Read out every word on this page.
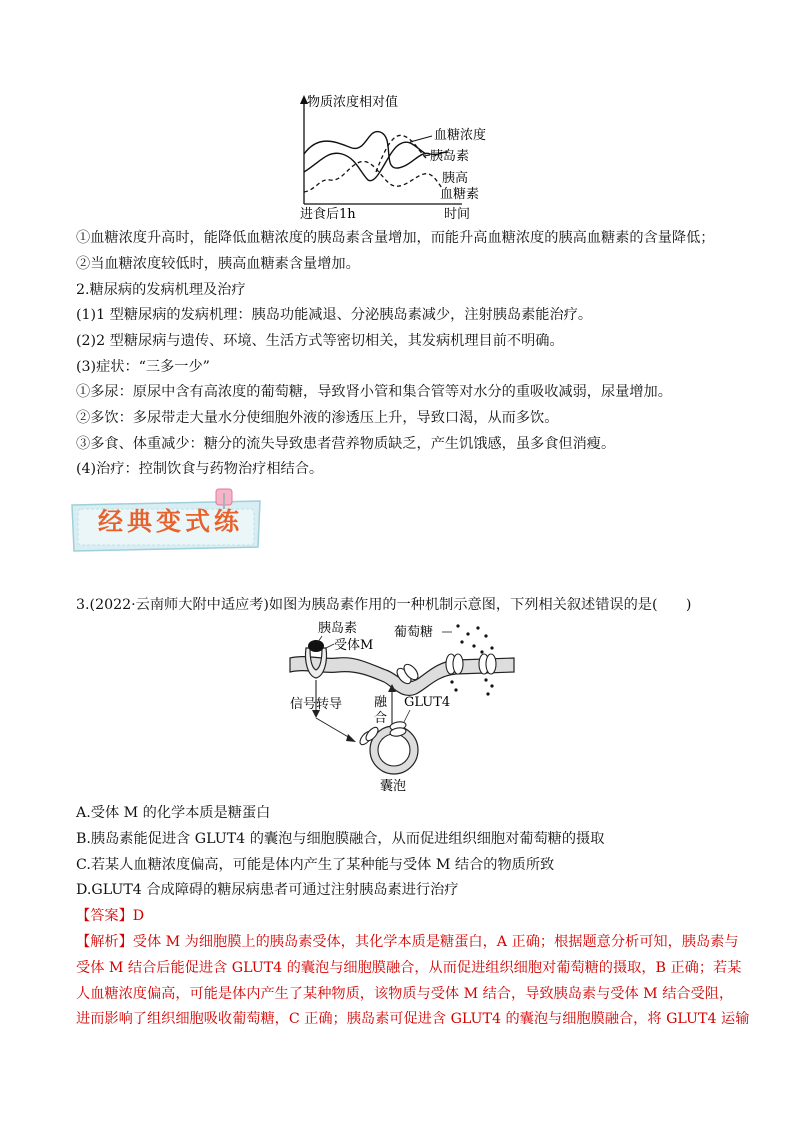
物质浓度相对值
进食后1h	时间
血糖浓度
胰岛素
胰高
血糖素
①血糖浓度升高时，能降低血糖浓度的胰岛素含量增加，而能升高血糖浓度的胰高血糖素的含量降低；
②当血糖浓度较低时，胰高血糖素含量增加。
2.糖尿病的发病机理及治疗
(1)1 型糖尿病的发病机理：胰岛功能减退、分泌胰岛素减少，注射胰岛素能治疗。
(2)2 型糖尿病与遗传、环境、生活方式等密切相关，其发病机理目前不明确。
(3)症状：“三多一少”
①多尿：原尿中含有高浓度的葡萄糖，导致肾小管和集合管等对水分的重吸收减弱，尿量增加。
②多饮：多尿带走大量水分使细胞外液的渗透压上升，导致口渴，从而多饮。
③多食、体重减少：糖分的流失导致患者营养物质缺乏，产生饥饿感，虽多食但消瘦。
(4)治疗：控制饮食与药物治疗相结合。
经典变式练
3.(2022·云南师大附中适应考)如图为胰岛素作用的一种机制示意图，下列相关叙述错误的是(　　)
胰岛素
受体M
葡萄糖
信号转导 融
合
GLUT4
囊泡
A.受体 M 的化学本质是糖蛋白
B.胰岛素能促进含 GLUT4 的囊泡与细胞膜融合，从而促进组织细胞对葡萄糖的摄取
C.若某人血糖浓度偏高，可能是体内产生了某种能与受体 M 结合的物质所致
D.GLUT4 合成障碍的糖尿病患者可通过注射胰岛素进行治疗
【答案】D
【解析】受体 M 为细胞膜上的胰岛素受体，其化学本质是糖蛋白，A 正确；根据题意分析可知，胰岛素与
受体 M 结合后能促进含 GLUT4 的囊泡与细胞膜融合，从而促进组织细胞对葡萄糖的摄取，B 正确；若某
人血糖浓度偏高，可能是体内产生了某种物质，该物质与受体 M 结合，导致胰岛素与受体 M 结合受阻，
进而影响了组织细胞吸收葡萄糖，C 正确；胰岛素可促进含 GLUT4 的囊泡与细胞膜融合，将 GLUT4 运输
